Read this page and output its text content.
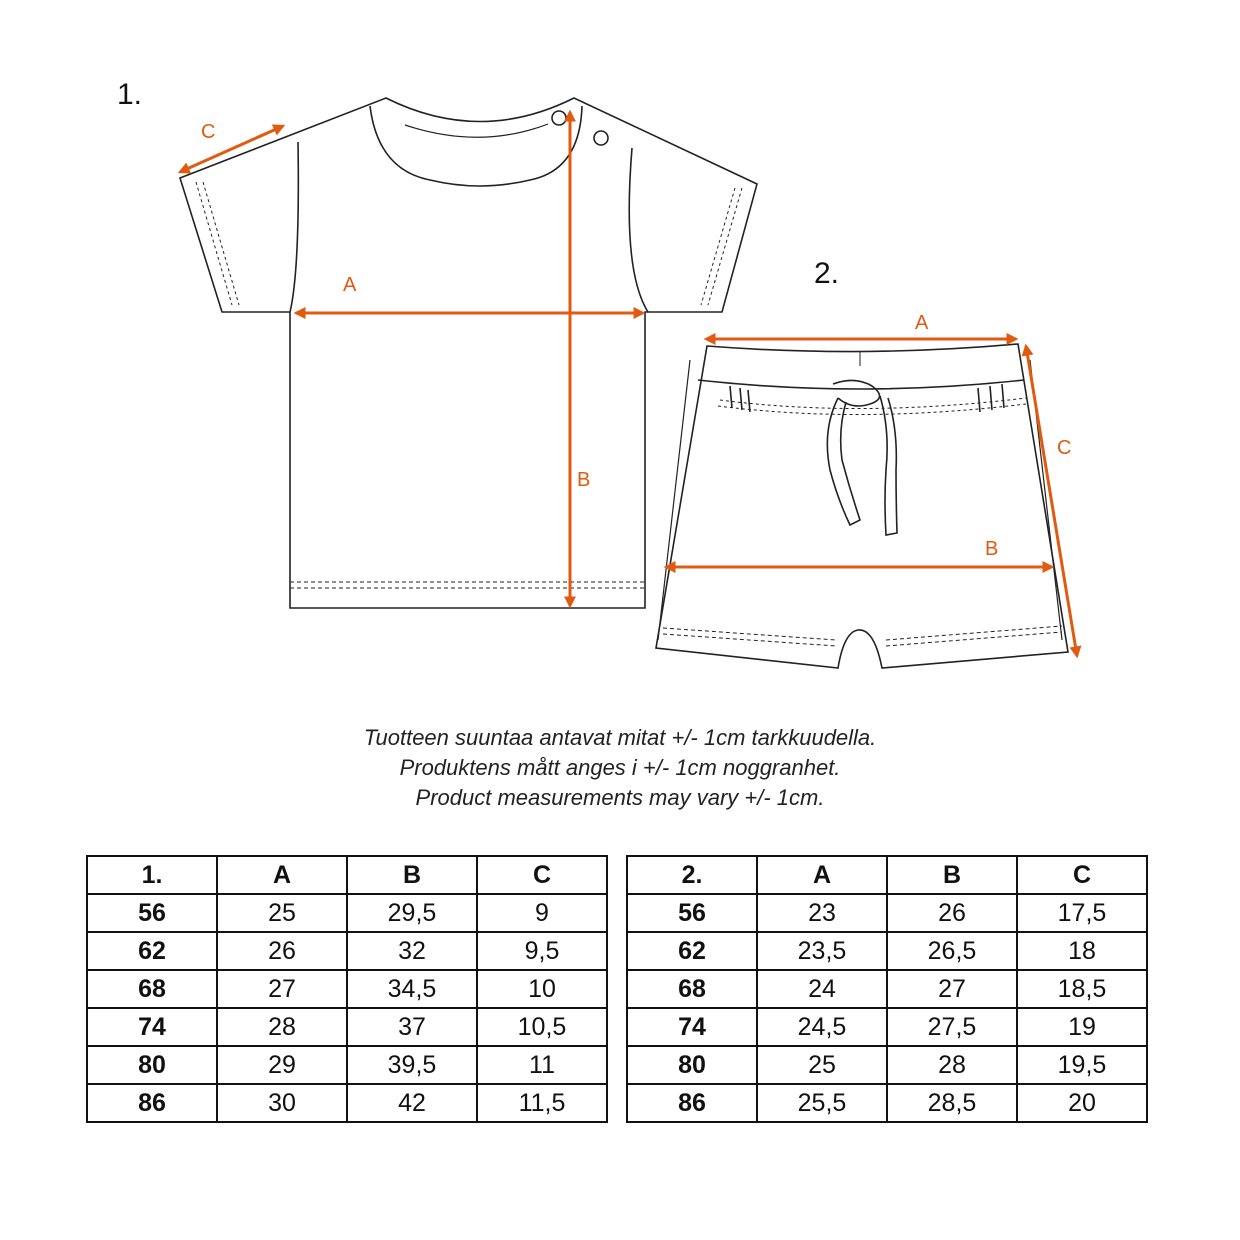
1.
2.
C
A
B
A
B
C
Tuotteen suuntaa antavat mitat +/- 1cm tarkkuudella.
Produktens mått anges i +/- 1cm noggranhet.
Product measurements may vary +/- 1cm.
1.	A	B	C
56	25	29,5	9
62	26	32	9,5
68	27	34,5	10
74	28	37	10,5
80	29	39,5	11
86	30	42	11,5
2.	A	B	C
56	23	26	17,5
62	23,5	26,5	18
68	24	27	18,5
74	24,5	27,5	19
80	25	28	19,5
86	25,5	28,5	20
